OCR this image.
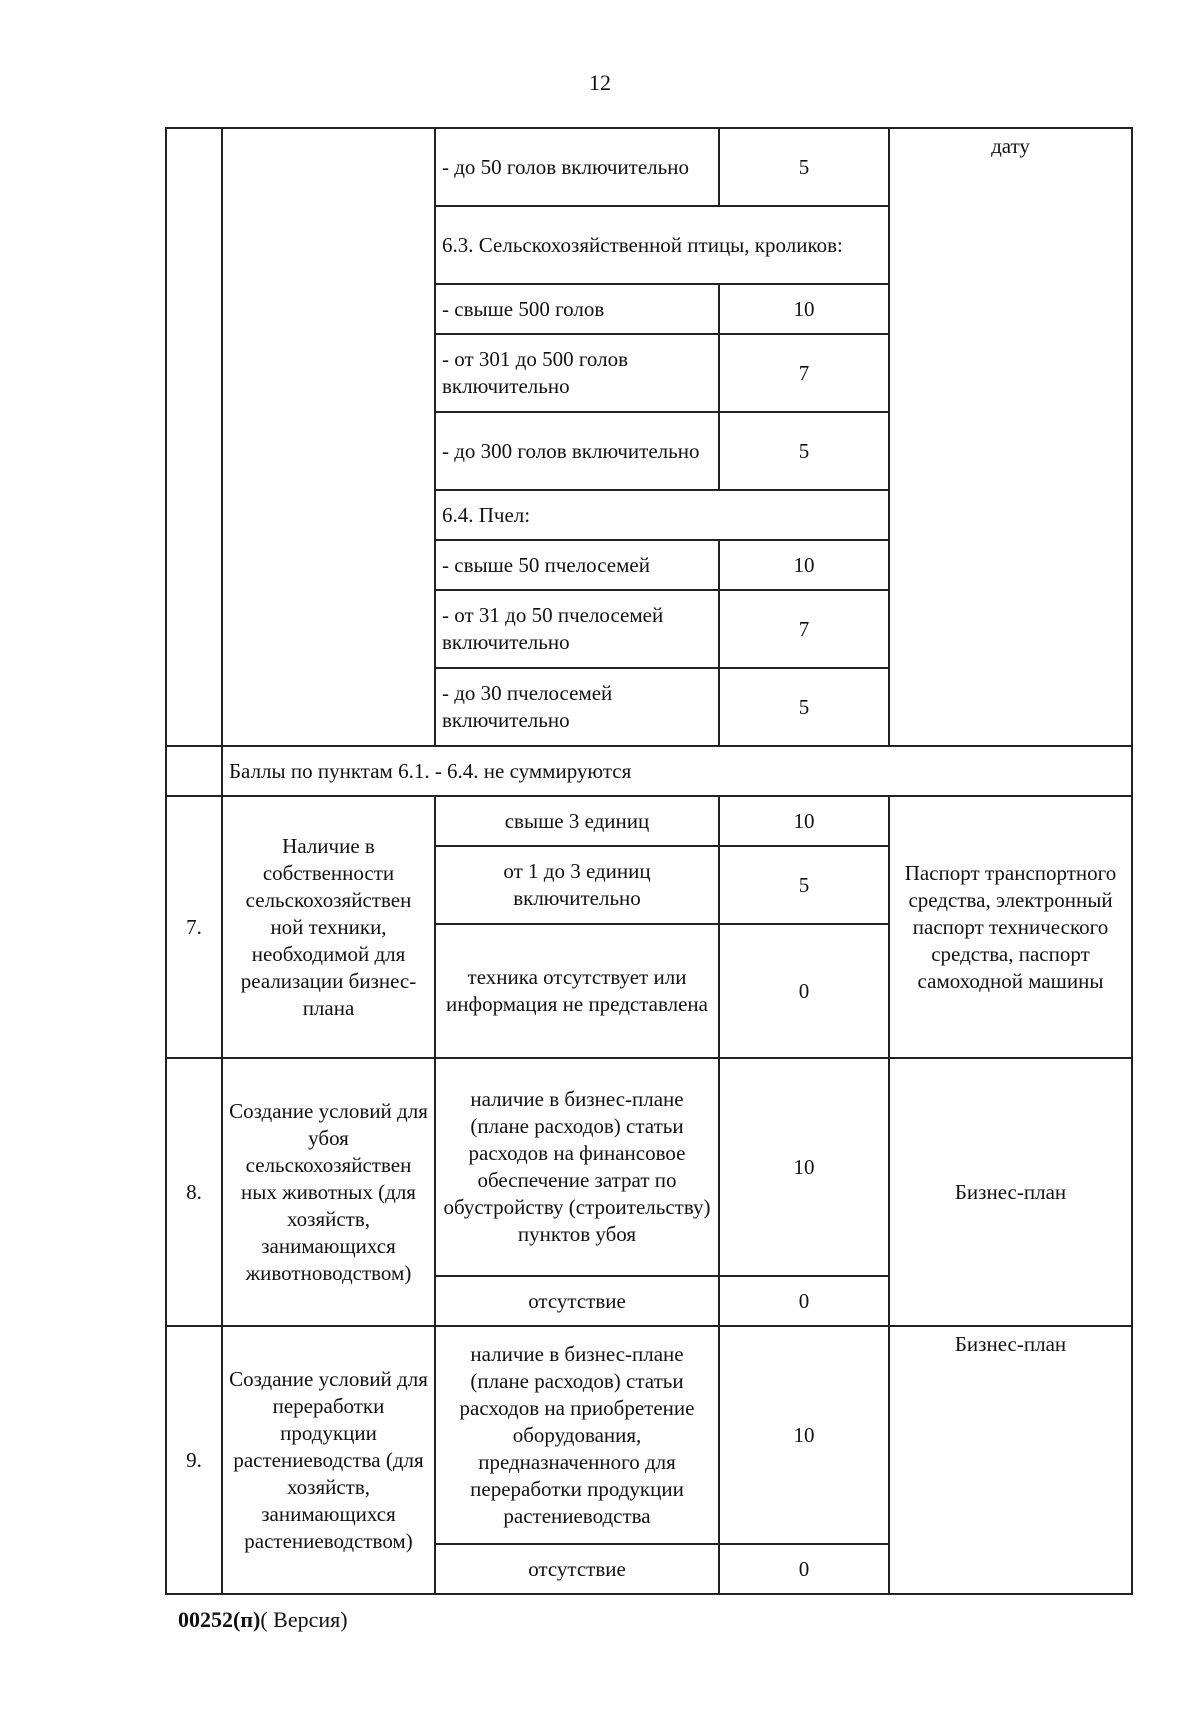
12
		- до 50 голов включительно	5	дату
		6.3. Сельскохозяйственной птицы, кроликов:		
		- свыше 500 голов	10	
		- от 301 до 500 голов включительно	7	
		- до 300 голов включительно	5	
		6.4. Пчел:		
		- свыше 50 пчелосемей	10	
		- от 31 до 50 пчелосемей включительно	7	
		- до 30 пчелосемей включительно	5	
	Баллы по пунктам 6.1. - 6.4. не суммируются			
7.	Наличие в собственности сельскохозяйствен ной техники, необходимой для реализации бизнес-плана	свыше 3 единиц	10	Паспорт транспортного средства, электронный паспорт технического средства, паспорт самоходной машины
		от 1 до 3 единиц включительно	5	
		техника отсутствует или информация не представлена	0	
8.	Создание условий для убоя сельскохозяйствен ных животных (для хозяйств, занимающихся животноводством)	наличие в бизнес-плане (плане расходов) статьи расходов на финансовое обеспечение затрат по обустройству (строительству) пунктов убоя	10	Бизнес-план
		отсутствие	0	
9.	Создание условий для переработки продукции растениеводства (для хозяйств, занимающихся растениеводством)	наличие в бизнес-плане (плане расходов) статьи расходов на приобретение оборудования, предназначенного для переработки продукции растениеводства	10	Бизнес-план
		отсутствие	0	
00252(п)( Версия)
